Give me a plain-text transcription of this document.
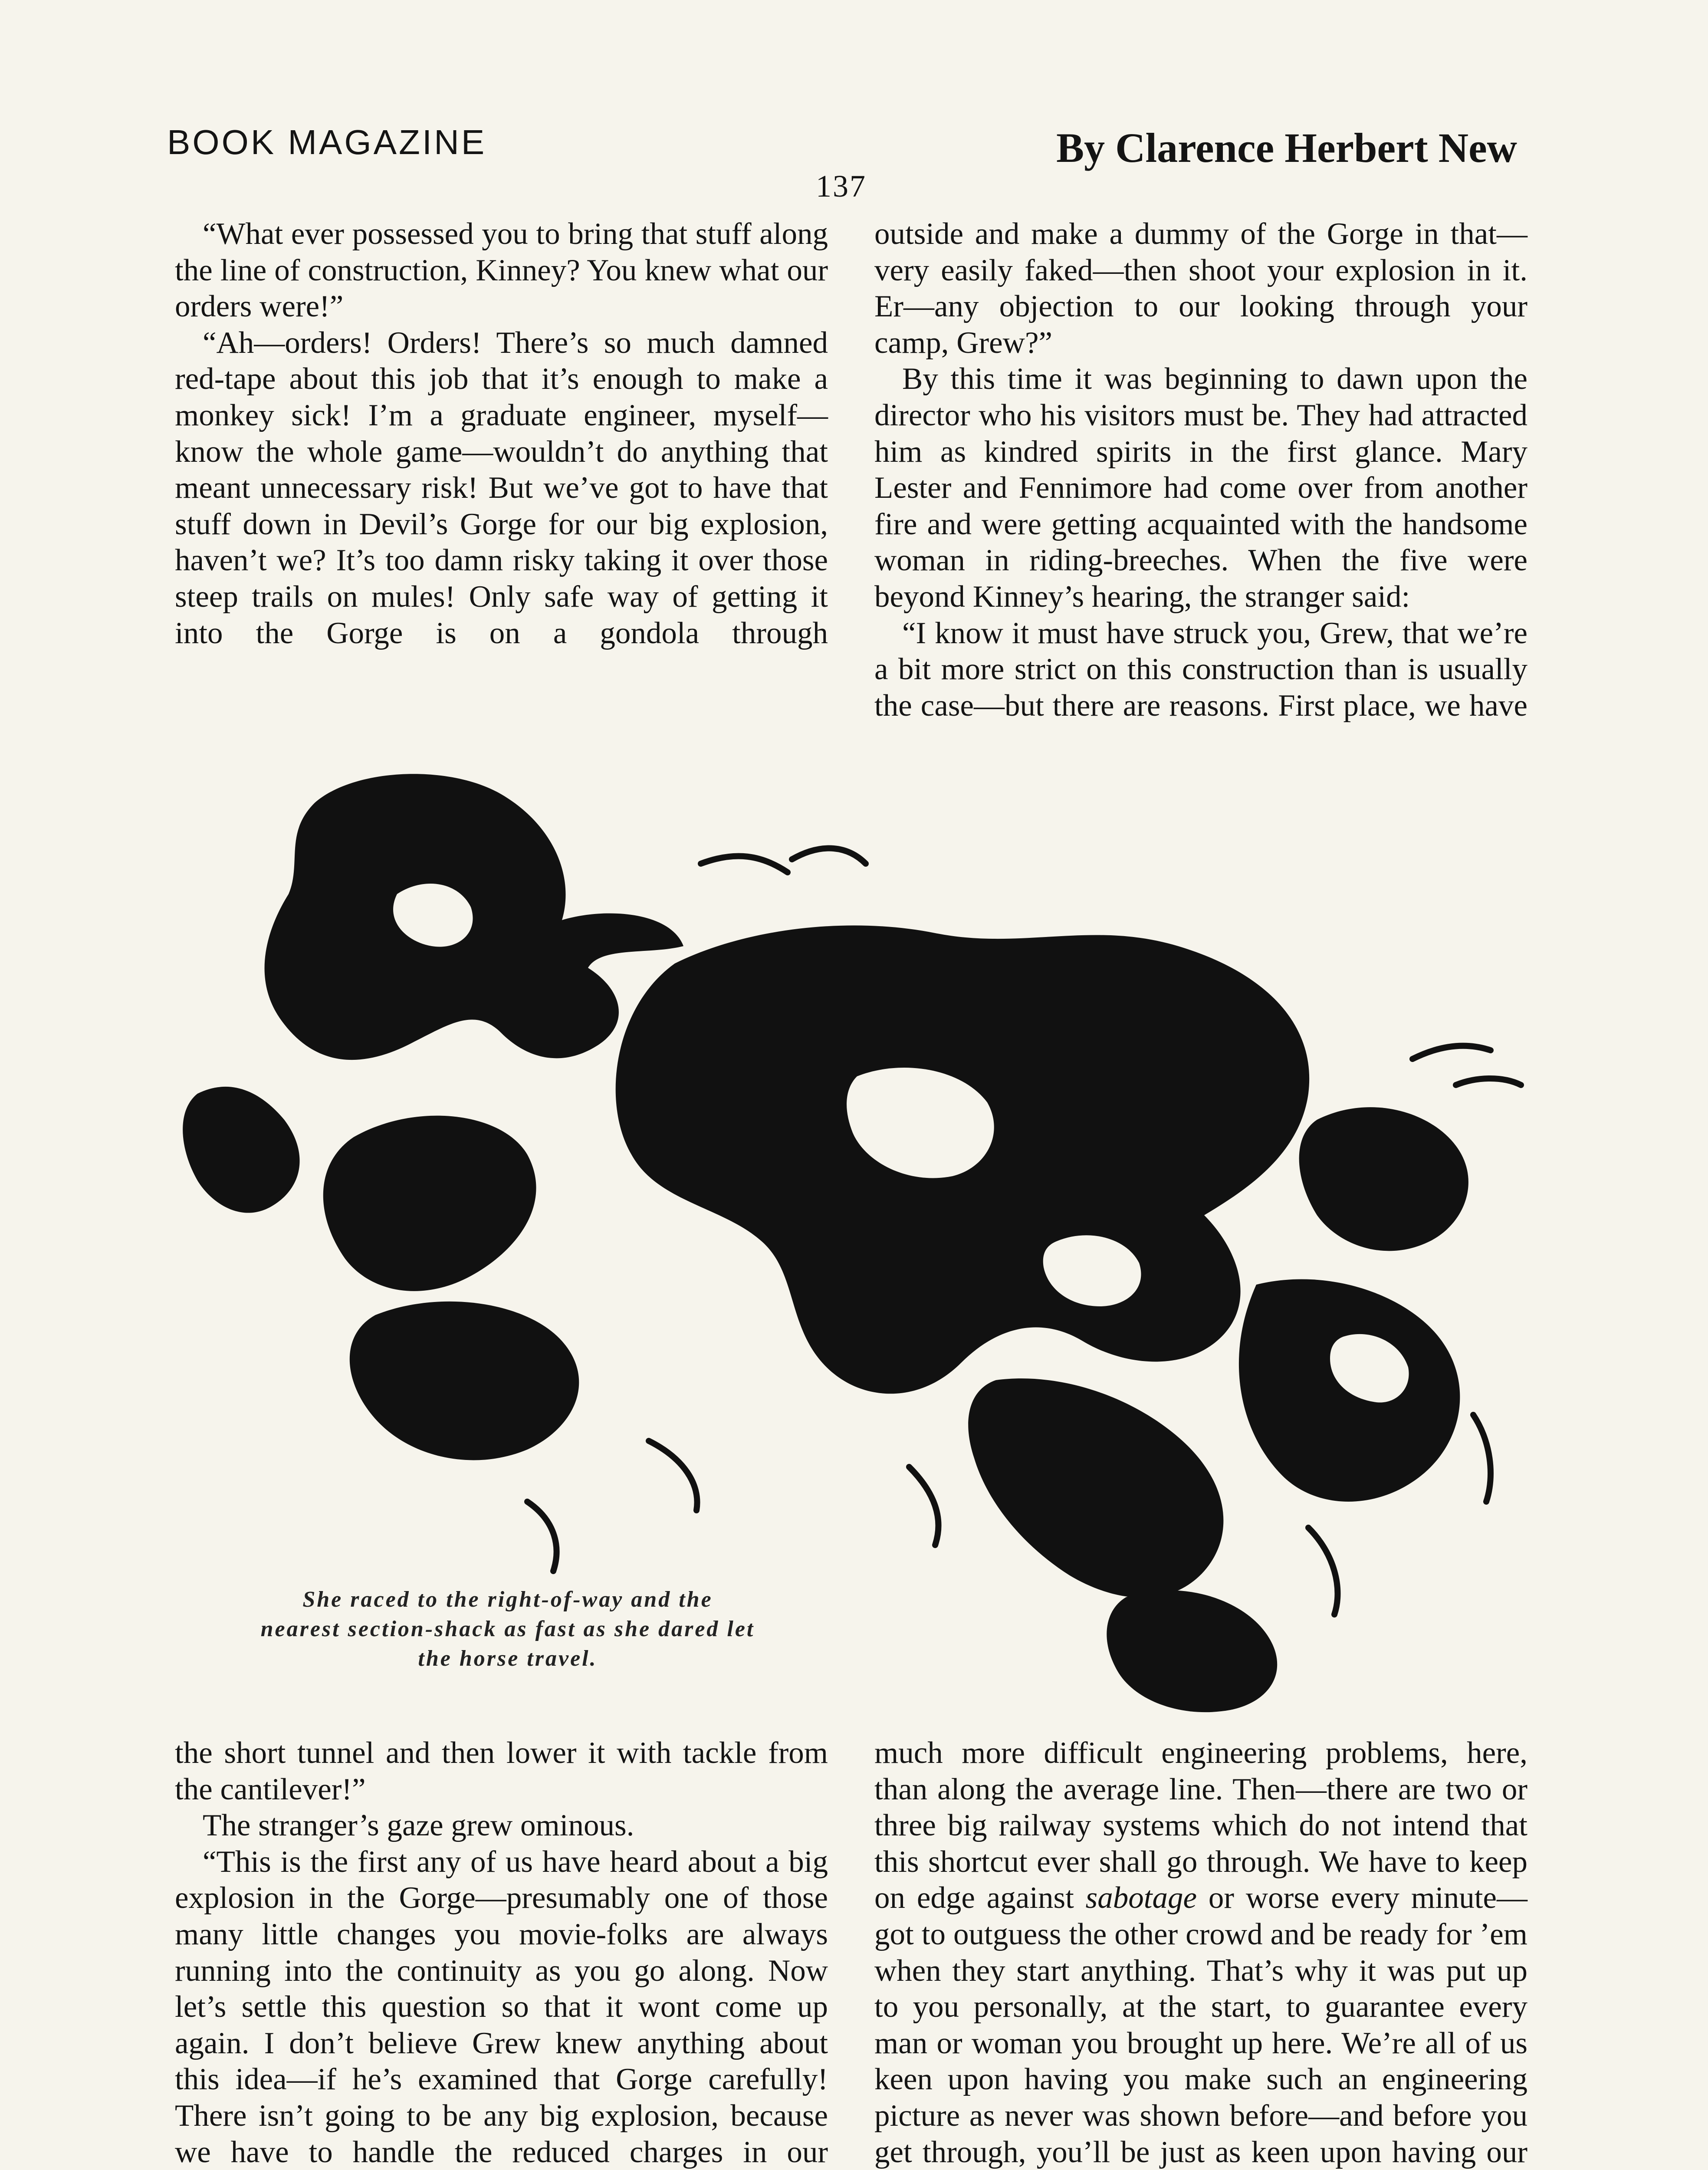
BOOK MAGAZINE	By Clarence Herbert New
137

“What ever possessed you to bring that stuff along the line of construction, Kinney? You knew what our orders were!”

“Ah—orders! Orders! There’s so much damned red-tape about this job that it’s enough to make a monkey sick! I’m a graduate engineer, myself—know the whole game—wouldn’t do anything that meant unnecessary risk! But we’ve got to have that stuff down in Devil’s Gorge for our big explosion, haven’t we? It’s too damn risky taking it over those steep trails on mules! Only safe way of getting it into the Gorge is on a gondola through

outside and make a dummy of the Gorge in that—very easily faked—then shoot your explosion in it. Er—any objection to our looking through your camp, Grew?”

By this time it was beginning to dawn upon the director who his visitors must be. They had attracted him as kindred spirits in the first glance. Mary Lester and Fennimore had come over from another fire and were getting acquainted with the handsome woman in riding-breeches. When the five were beyond Kinney’s hearing, the stranger said:

“I know it must have struck you, Grew, that we’re a bit more strict on this construction than is usually the case—but there are reasons. First place, we have

She raced to the right-of-way and the nearest section-shack as fast as she dared let the horse travel.

the short tunnel and then lower it with tackle from the cantilever!”

The stranger’s gaze grew ominous.

“This is the first any of us have heard about a big explosion in the Gorge—presumably one of those many little changes you movie-folks are always running into the continuity as you go along. Now let’s settle this question so that it wont come up again. I don’t believe Grew knew anything about this idea—if he’s examined that Gorge carefully! There isn’t going to be any big explosion, because we have to handle the reduced charges in our

much more difficult engineering problems, here, than along the average line. Then—there are two or three big railway systems which do not intend that this shortcut ever shall go through. We have to keep on edge against sabotage or worse every minute—got to outguess the other crowd and be ready for ’em when they start anything. That’s why it was put up to you personally, at the start, to guarantee every man or woman you brought up here. We’re all of us keen upon having you make such an engineering picture as never was shown before—and before you get through, you’ll be just as keen upon having our
